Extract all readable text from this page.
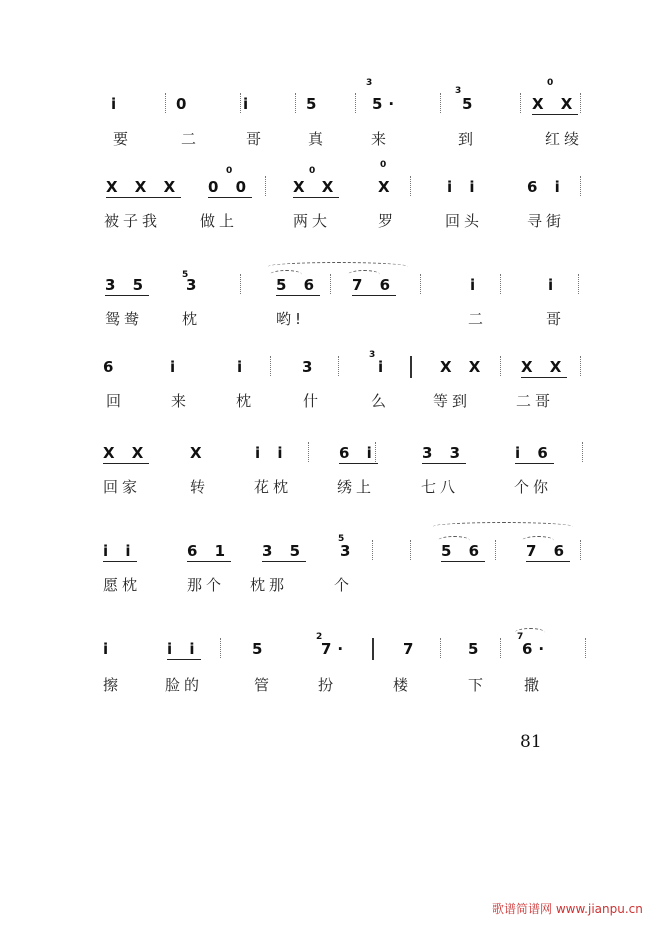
81
歌谱简谱网 www.jianpu.cn
i	0	i	5	5·	5	X X
要	二	哥	真	来	到	红绫
3
3
0
X X X 0 0	X X	X	i i	6 i
被子我	做上	两大	罗	回头	寻街
0	0
0
3 5 3	5 6 7 6	i	i
鸳鸯	枕	哟!	二	哥
5
6	i	i	3	i	X X X X
回	来	枕	什	么	等到	二哥
3
X X	X	i i	6 i	3 3	i 6
回家	转	花枕	绣上	七八	个你
i i	6 1 3 5 3	5 6	7 6
愿枕	那个 枕那	个
5
i	i i	5	7·	7	5	6·
擦	脸的	管	扮	楼	下 撒
2	7
